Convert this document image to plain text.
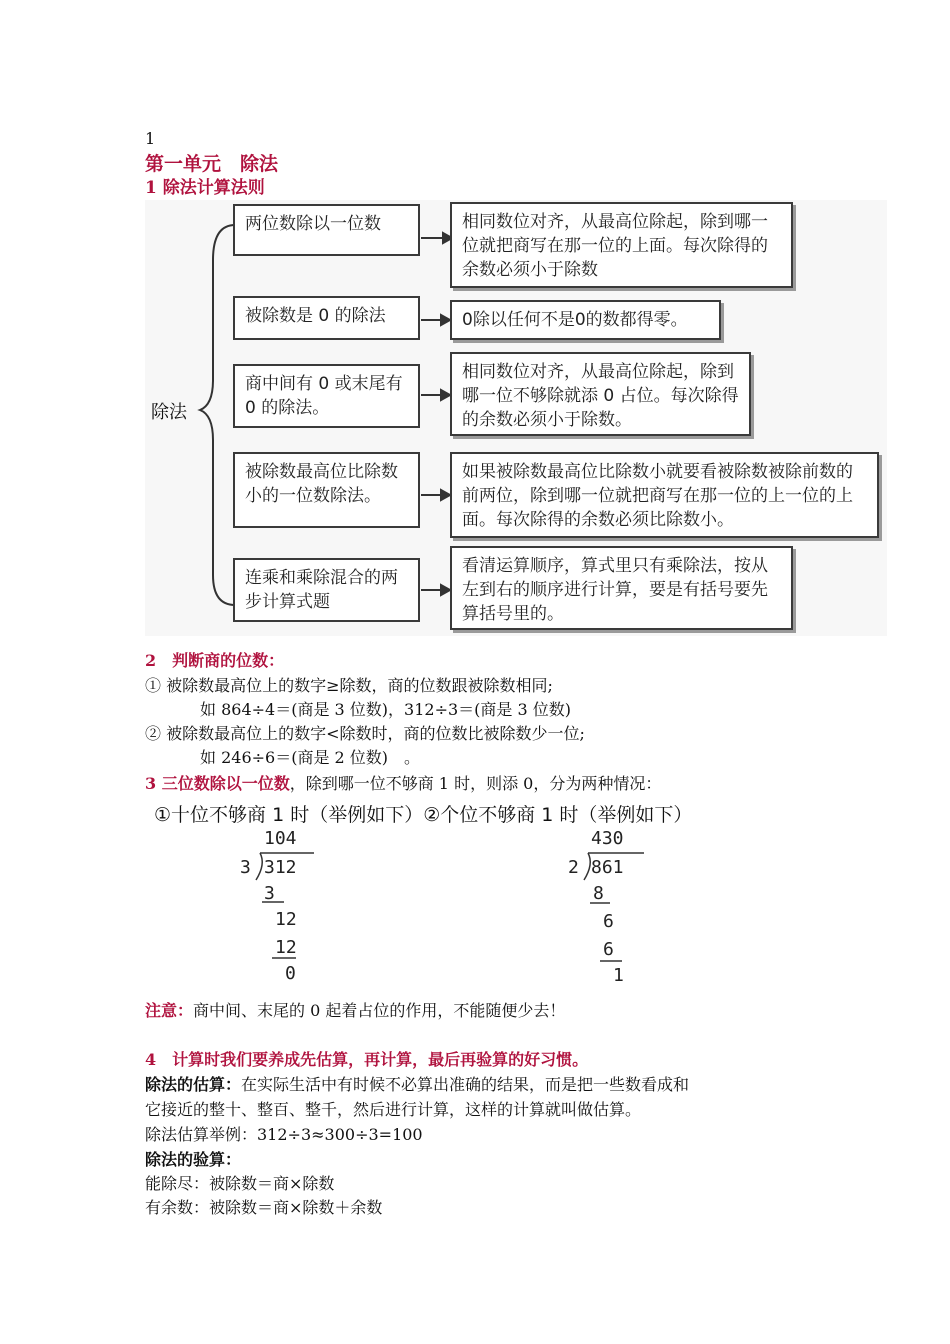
1
第一单元　除法
1 除法计算法则
除法
两位数除以一位数	相同数位对齐，从最高位除起，除到哪一位就把商写在那一位的上面。每次除得的余数必须小于除数
被除数是 0 的除法	0除以任何不是0的数都得零。
商中间有 0 或末尾有 0 的除法。
相同数位对齐，从最高位除起，除到哪一位不够除就添 0 占位。每次除得的余数必须小于除数。
被除数最高位比除数小的一位数除法。
如果被除数最高位比除数小就要看被除数被除前数的前两位，除到哪一位就把商写在那一位的上一位的上面。每次除得的余数必须比除数小。
连乘和乘除混合的两步计算式题
看清运算顺序，算式里只有乘除法，按从左到右的顺序进行计算，要是有括号要先算括号里的。
2　判断商的位数：
① 被除数最高位上的数字≥除数，商的位数跟被除数相同;
如 864÷4＝(商是 3 位数)，312÷3＝(商是 3 位数)
② 被除数最高位上的数字<除数时，商的位数比被除数少一位;
如 246÷6＝(商是 2 位数)　。
3 三位数除以一位数，除到哪一位不够商 1 时，则添 0，分为两种情况：
①十位不够商 1 时（举例如下）②个位不够商 1 时（举例如下）
104
3 312
3
12
12
0
430
2 861
8
6
6
1
注意：商中间、末尾的 0 起着占位的作用，不能随便少去！
4　计算时我们要养成先估算，再计算，最后再验算的好习惯。
除法的估算：在实际生活中有时候不必算出准确的结果，而是把一些数看成和
它接近的整十、整百、整千，然后进行计算，这样的计算就叫做估算。
除法估算举例：312÷3≈300÷3=100
除法的验算：
能除尽：被除数＝商×除数
有余数：被除数＝商×除数＋余数
